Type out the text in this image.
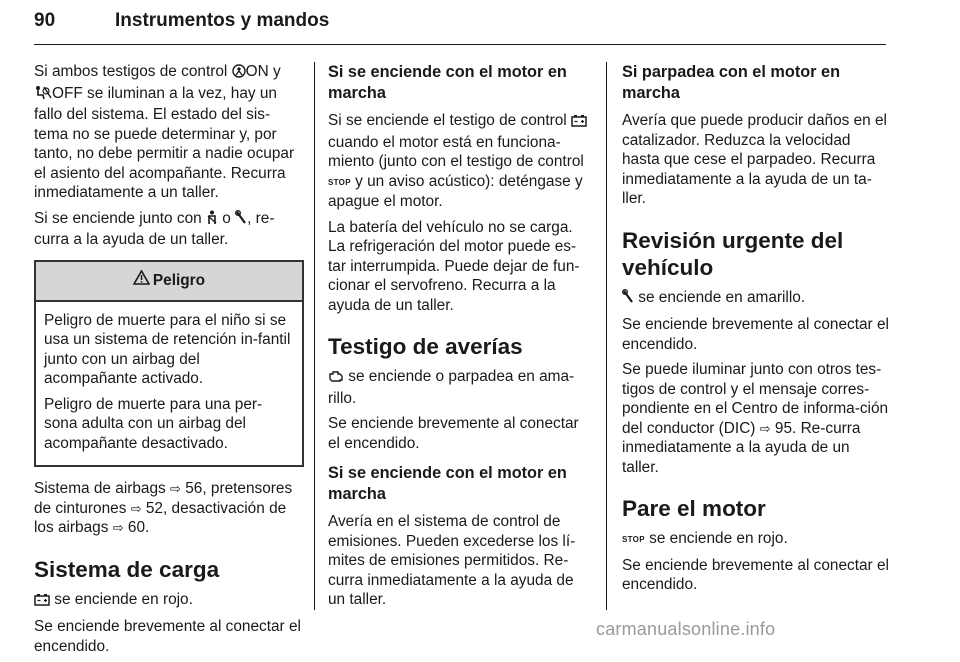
90	Instrumentos y mandos

Si ambos testigos de control ON y
OFF se iluminan a la vez, hay un fallo del sistema. El estado del sis-tema no se puede determinar y, por tanto, no debe permitir a nadie ocupar el asiento del acompañante. Recurra inmediatamente a un taller.

Si se enciende junto con  o , re-curra a la ayuda de un taller.

Peligro

Peligro de muerte para el niño si se usa un sistema de retención in-fantil junto con un airbag del acompañante activado.

Peligro de muerte para una per-sona adulta con un airbag del acompañante desactivado.

Sistema de airbags ⇨ 56, pretensores de cinturones ⇨ 52, desactivación de los airbags ⇨ 60.

Sistema de carga

se enciende en rojo.

Se enciende brevemente al conectar el encendido.

Si se enciende con el motor en marcha

Si se enciende el testigo de control  cuando el motor está en funciona-miento (junto con el testigo de control STOP y un aviso acústico): deténgase y apague el motor.

La batería del vehículo no se carga. La refrigeración del motor puede es-tar interrumpida. Puede dejar de fun-cionar el servofreno. Recurra a la ayuda de un taller.

Testigo de averías

se enciende o parpadea en ama-rillo.

Se enciende brevemente al conectar el encendido.

Si se enciende con el motor en marcha

Avería en el sistema de control de emisiones. Pueden excederse los lí-mites de emisiones permitidos. Re-curra inmediatamente a la ayuda de un taller.

Si parpadea con el motor en marcha

Avería que puede producir daños en el catalizador. Reduzca la velocidad hasta que cese el parpadeo. Recurra inmediatamente a la ayuda de un ta-ller.

Revisión urgente del vehículo

se enciende en amarillo.

Se enciende brevemente al conectar el encendido.

Se puede iluminar junto con otros tes-tigos de control y el mensaje corres-pondiente en el Centro de informa-ción del conductor (DIC) ⇨ 95. Re-curra inmediatamente a la ayuda de un taller.

Pare el motor

STOP se enciende en rojo.

Se enciende brevemente al conectar el encendido.

carmanualsonline.info
